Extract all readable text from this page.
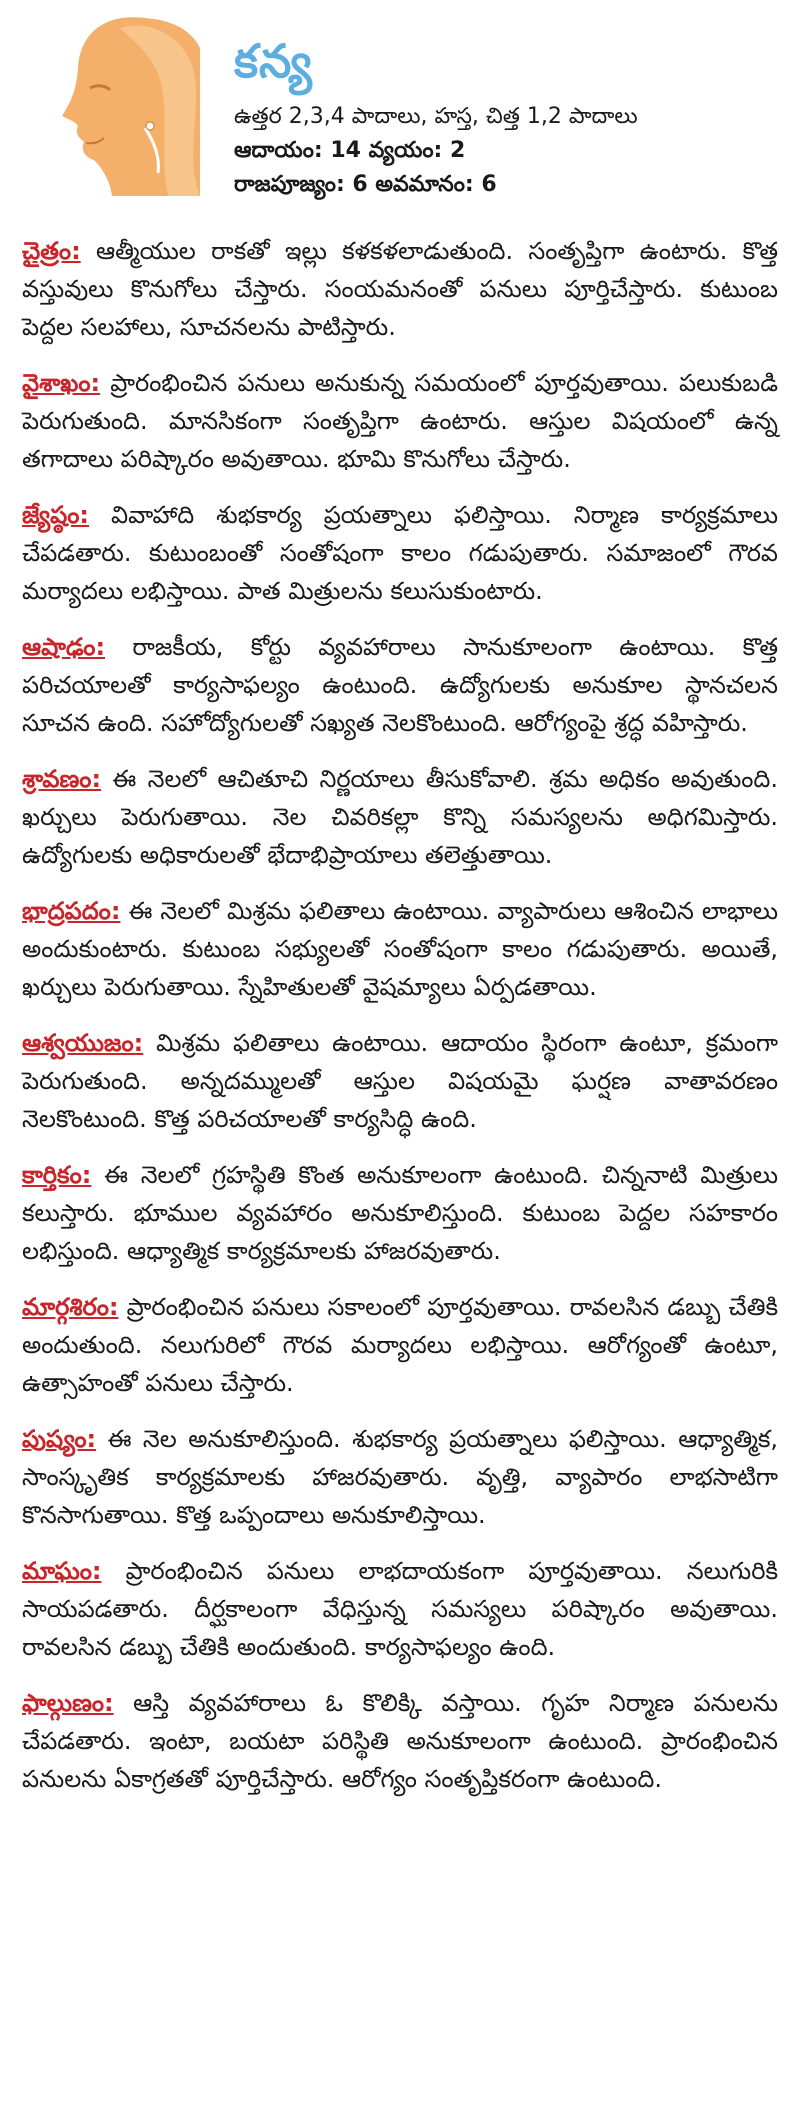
కన్య
ఉత్తర 2,3,4 పాదాలు, హస్త, చిత్త 1,2 పాదాలు
ఆదాయం: 14 వ్యయం: 2
రాజపూజ్యం: 6 అవమానం: 6

చైత్రం: ఆత్మీయుల రాకతో ఇల్లు కళకళలాడుతుంది. సంతృప్తిగా ఉంటారు. కొత్త వస్తువులు కొనుగోలు చేస్తారు. సంయమనంతో పనులు పూర్తిచేస్తారు. కుటుంబ పెద్దల సలహాలు, సూచనలను పాటిస్తారు.

వైశాఖం: ప్రారంభించిన పనులు అనుకున్న సమయంలో పూర్తవుతాయి. పలుకుబడి పెరుగుతుంది. మానసికంగా సంతృప్తిగా ఉంటారు. ఆస్తుల విషయంలో ఉన్న తగాదాలు పరిష్కారం అవుతాయి. భూమి కొనుగోలు చేస్తారు.

జ్యేష్ఠం: వివాహాది శుభకార్య ప్రయత్నాలు ఫలిస్తాయి. నిర్మాణ కార్యక్రమాలు చేపడతారు. కుటుంబంతో సంతోషంగా కాలం గడుపుతారు. సమాజంలో గౌరవ మర్యాదలు లభిస్తాయి. పాత మిత్రులను కలుసుకుంటారు.

ఆషాఢం: రాజకీయ, కోర్టు వ్యవహారాలు సానుకూలంగా ఉంటాయి. కొత్త పరిచయాలతో కార్యసాఫల్యం ఉంటుంది. ఉద్యోగులకు అనుకూల స్థానచలన సూచన ఉంది. సహోద్యోగులతో సఖ్యత నెలకొంటుంది. ఆరోగ్యంపై శ్రద్ధ వహిస్తారు.

శ్రావణం: ఈ నెలలో ఆచితూచి నిర్ణయాలు తీసుకోవాలి. శ్రమ అధికం అవుతుంది. ఖర్చులు పెరుగుతాయి. నెల చివరికల్లా కొన్ని సమస్యలను అధిగమిస్తారు. ఉద్యోగులకు అధికారులతో భేదాభిప్రాయాలు తలెత్తుతాయి.

భాద్రపదం: ఈ నెలలో మిశ్రమ ఫలితాలు ఉంటాయి. వ్యాపారులు ఆశించిన లాభాలు అందుకుంటారు. కుటుంబ సభ్యులతో సంతోషంగా కాలం గడుపుతారు. అయితే, ఖర్చులు పెరుగుతాయి. స్నేహితులతో వైషమ్యాలు ఏర్పడతాయి.

ఆశ్వయుజం: మిశ్రమ ఫలితాలు ఉంటాయి. ఆదాయం స్థిరంగా ఉంటూ, క్రమంగా పెరుగుతుంది. అన్నదమ్ములతో ఆస్తుల విషయమై ఘర్షణ వాతావరణం నెలకొంటుంది. కొత్త పరిచయాలతో కార్యసిద్ధి ఉంది.

కార్తికం: ఈ నెలలో గ్రహస్థితి కొంత అనుకూలంగా ఉంటుంది. చిన్ననాటి మిత్రులు కలుస్తారు. భూముల వ్యవహారం అనుకూలిస్తుంది. కుటుంబ పెద్దల సహకారం లభిస్తుంది. ఆధ్యాత్మిక కార్యక్రమాలకు హాజరవుతారు.

మార్గశిరం: ప్రారంభించిన పనులు సకాలంలో పూర్తవుతాయి. రావలసిన డబ్బు చేతికి అందుతుంది. నలుగురిలో గౌరవ మర్యాదలు లభిస్తాయి. ఆరోగ్యంతో ఉంటూ, ఉత్సాహంతో పనులు చేస్తారు.

పుష్యం: ఈ నెల అనుకూలిస్తుంది. శుభకార్య ప్రయత్నాలు ఫలిస్తాయి. ఆధ్యాత్మిక, సాంస్కృతిక కార్యక్రమాలకు హాజరవుతారు. వృత్తి, వ్యాపారం లాభసాటిగా కొనసాగుతాయి. కొత్త ఒప్పందాలు అనుకూలిస్తాయి.

మాఘం: ప్రారంభించిన పనులు లాభదాయకంగా పూర్తవుతాయి. నలుగురికి సాయపడతారు. దీర్ఘకాలంగా వేధిస్తున్న సమస్యలు పరిష్కారం అవుతాయి. రావలసిన డబ్బు చేతికి అందుతుంది. కార్యసాఫల్యం ఉంది.

ఫాల్గుణం: ఆస్తి వ్యవహారాలు ఓ కొలిక్కి వస్తాయి. గృహ నిర్మాణ పనులను చేపడతారు. ఇంటా, బయటా పరిస్థితి అనుకూలంగా ఉంటుంది. ప్రారంభించిన పనులను ఏకాగ్రతతో పూర్తిచేస్తారు. ఆరోగ్యం సంతృప్తికరంగా ఉంటుంది.
